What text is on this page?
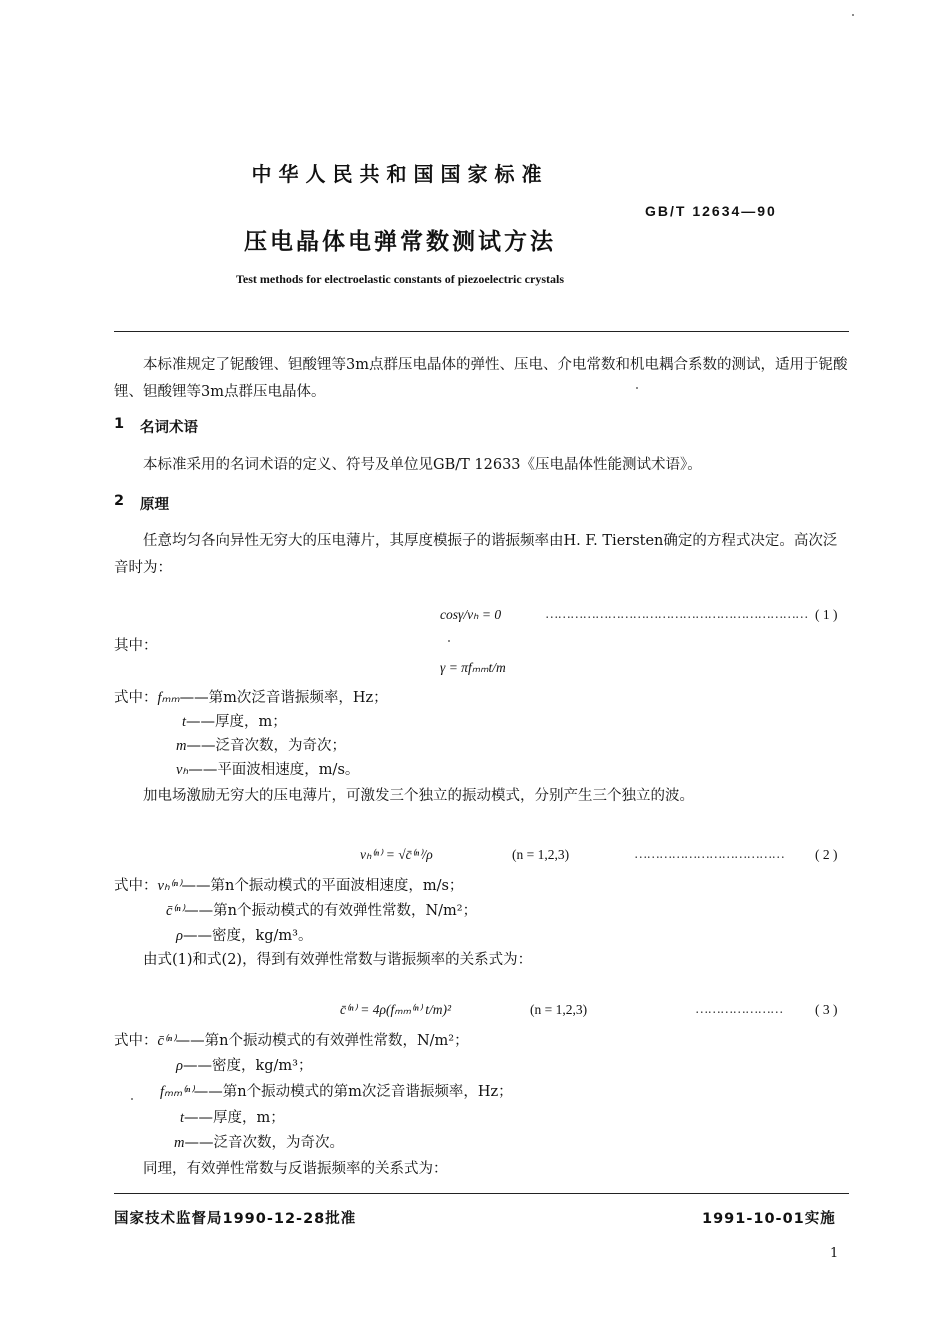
中华人民共和国国家标准
GB/T 12634—90
压电晶体电弹常数测试方法
Test methods for electroelastic constants of piezoelectric crystals
本标准规定了铌酸锂、钽酸锂等3m点群压电晶体的弹性、压电、介电常数和机电耦合系数的测试，适用于铌酸锂、钽酸锂等3m点群压电晶体。
1 名词术语
本标准采用的名词术语的定义、符号及单位见GB/T 12633《压电晶体性能测试术语》。
2 原理
任意均匀各向异性无穷大的压电薄片，其厚度模振子的谐振频率由H. F. Tiersten确定的方程式决定。高次泛音时为：
cosγ/vₕ = 0	……………………………………………………… ( 1 )
其中：
γ = πfₘₘt/m
式中：fₘₘ——第m次泛音谐振频率，Hz；
t——厚度，m；
m——泛音次数，为奇次；
vₕ——平面波相速度，m/s。
加电场激励无穷大的压电薄片，可激发三个独立的振动模式，分别产生三个独立的波。
vₕ⁽ⁿ⁾ = √c̄⁽ⁿ⁾/ρ	(n = 1,2,3)	……………………………… ( 2 )
式中：vₕ⁽ⁿ⁾——第n个振动模式的平面波相速度，m/s；
c̄⁽ⁿ⁾——第n个振动模式的有效弹性常数，N/m²；
ρ——密度，kg/m³。
由式(1)和式(2)，得到有效弹性常数与谐振频率的关系式为：
c̄⁽ⁿ⁾ = 4ρ(fₘₘ⁽ⁿ⁾ t/m)²	(n = 1,2,3)	………………… ( 3 )
式中：c̄⁽ⁿ⁾——第n个振动模式的有效弹性常数，N/m²；
ρ——密度，kg/m³；
fₘₘ⁽ⁿ⁾——第n个振动模式的第m次泛音谐振频率，Hz；
t——厚度，m；
m——泛音次数，为奇次。
同理，有效弹性常数与反谐振频率的关系式为：
国家技术监督局1990-12-28批准	1991-10-01实施
1
